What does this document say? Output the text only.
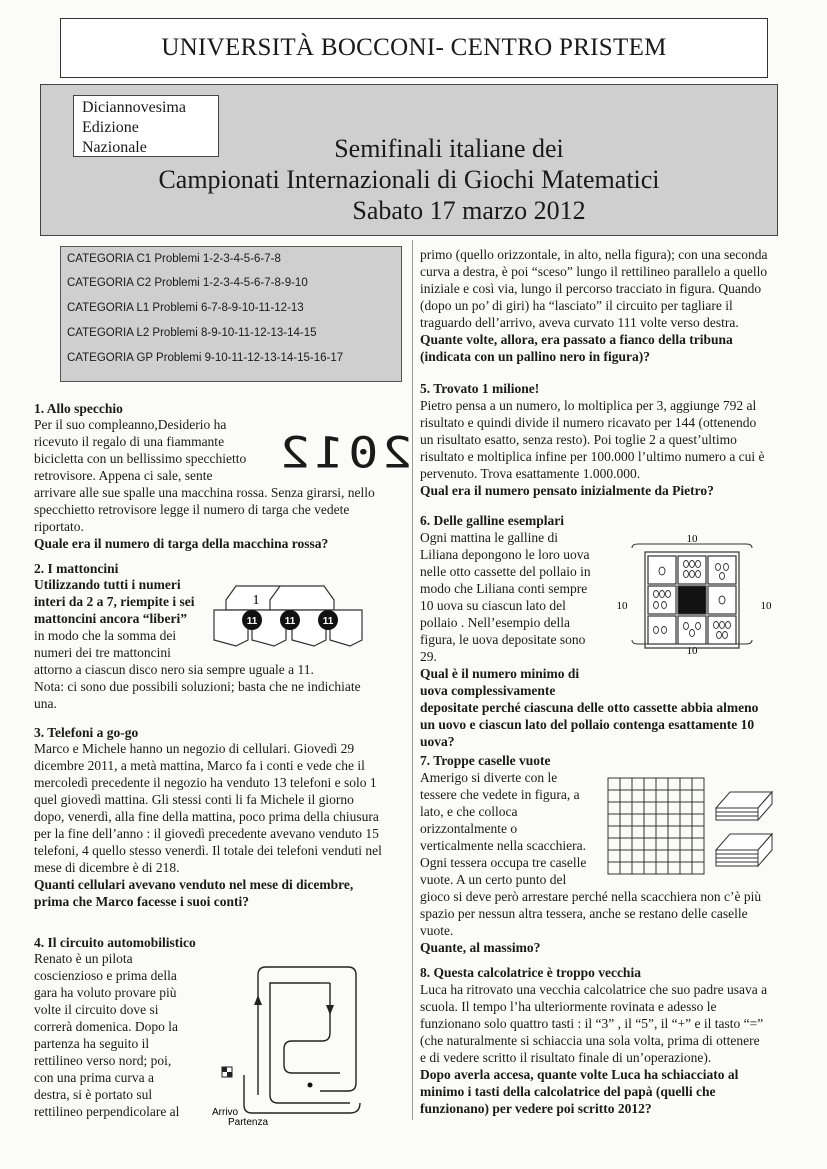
UNIVERSITÀ BOCCONI- CENTRO PRISTEM
Diciannovesima
Edizione
Nazionale	Semifinali italiane dei
Campionati Internazionali di Giochi Matematici
Sabato 17 marzo 2012
CATEGORIA C1 Problemi 1-2-3-4-5-6-7-8
CATEGORIA C2 Problemi 1-2-3-4-5-6-7-8-9-10
CATEGORIA L1 Problemi 6-7-8-9-10-11-12-13
CATEGORIA L2 Problemi 8-9-10-11-12-13-14-15
CATEGORIA GP Problemi 9-10-11-12-13-14-15-16-17
1. Allo specchio
Per il suo compleanno,Desiderio ha
ricevuto il regalo di una fiammante
bicicletta con un bellissimo specchietto
retrovisore. Appena ci sale, sente
arrivare alle sue spalle una macchina rossa. Senza girarsi, nello
specchietto retrovisore legge il numero di targa che vedete
riportato.
Quale era il numero di targa della macchina rossa?
2012
2. I mattoncini
Utilizzando tutti i numeri
interi da 2 a 7, riempite i sei
mattoncini ancora “liberi”
in modo che la somma dei
numeri dei tre mattoncini
attorno a ciascun disco nero sia sempre uguale a 11.
Nota: ci sono due possibili soluzioni; basta che ne indichiate
una.
1
11	11	11
3. Telefoni a go-go
Marco e Michele hanno un negozio di cellulari. Giovedì 29
dicembre 2011, a metà mattina, Marco fa i conti e vede che il
mercoledì precedente il negozio ha venduto 13 telefoni e solo 1
quel giovedì mattina. Gli stessi conti li fa Michele il giorno
dopo, venerdì, alla fine della mattina, poco prima della chiusura
per la fine dell’anno : il giovedì precedente avevano venduto 15
telefoni, 4 quello stesso venerdì. Il totale dei telefoni venduti nel
mese di dicembre è di 218.
Quanti cellulari avevano venduto nel mese di dicembre,
prima che Marco facesse i suoi conti?
4. Il circuito automobilistico
Renato è un pilota
coscienzioso e prima della
gara ha voluto provare più
volte il circuito dove si
correrà domenica. Dopo la
partenza ha seguito il
rettilineo verso nord; poi,
con una prima curva a
destra, si è portato sul
rettilineo perpendicolare al	Arrivo
Partenza
primo (quello orizzontale, in alto, nella figura); con una seconda
curva a destra, è poi “sceso” lungo il rettilineo parallelo a quello
iniziale e così via, lungo il percorso tracciato in figura. Quando
(dopo un po’ di giri) ha “lasciato” il circuito per tagliare il
traguardo dell’arrivo, aveva curvato 111 volte verso destra.
Quante volte, allora, era passato a fianco della tribuna
(indicata con un pallino nero in figura)?
5. Trovato 1 milione!
Pietro pensa a un numero, lo moltiplica per 3, aggiunge 792 al
risultato e quindi divide il numero ricavato per 144 (ottenendo
un risultato esatto, senza resto). Poi toglie 2 a quest’ultimo
risultato e moltiplica infine per 100.000 l’ultimo numero a cui è
pervenuto. Trova esattamente 1.000.000.
Qual era il numero pensato inizialmente da Pietro?
6. Delle galline esemplari
Ogni mattina le galline di
Liliana depongono le loro uova
nelle otto cassette del pollaio in
modo che Liliana conti sempre
10 uova su ciascun lato del
pollaio . Nell’esempio della
figura, le uova depositate sono
29.
Qual è il numero minimo di
uova complessivamente
depositate perché ciascuna delle otto cassette abbia almeno
un uovo e ciascun lato del pollaio contenga esattamente 10
uova?
10
10
10	10
7. Troppe caselle vuote
Amerigo si diverte con le
tessere che vedete in figura, a
lato, e che colloca
orizzontalmente o
verticalmente nella scacchiera.
Ogni tessera occupa tre caselle
vuote. A un certo punto del
gioco si deve però arrestare perché nella scacchiera non c’è più
spazio per nessun altra tessera, anche se restano delle caselle
vuote.
Quante, al massimo?
8. Questa calcolatrice è troppo vecchia
Luca ha ritrovato una vecchia calcolatrice che suo padre usava a
scuola. Il tempo l’ha ulteriormente rovinata e adesso le
funzionano solo quattro tasti : il “3” , il “5”, il “+” e il tasto “=”
(che naturalmente si schiaccia una sola volta, prima di ottenere
e di vedere scritto il risultato finale di un’operazione).
Dopo averla accesa, quante volte Luca ha schiacciato al
minimo i tasti della calcolatrice del papà (quelli che
funzionano) per vedere poi scritto 2012?
